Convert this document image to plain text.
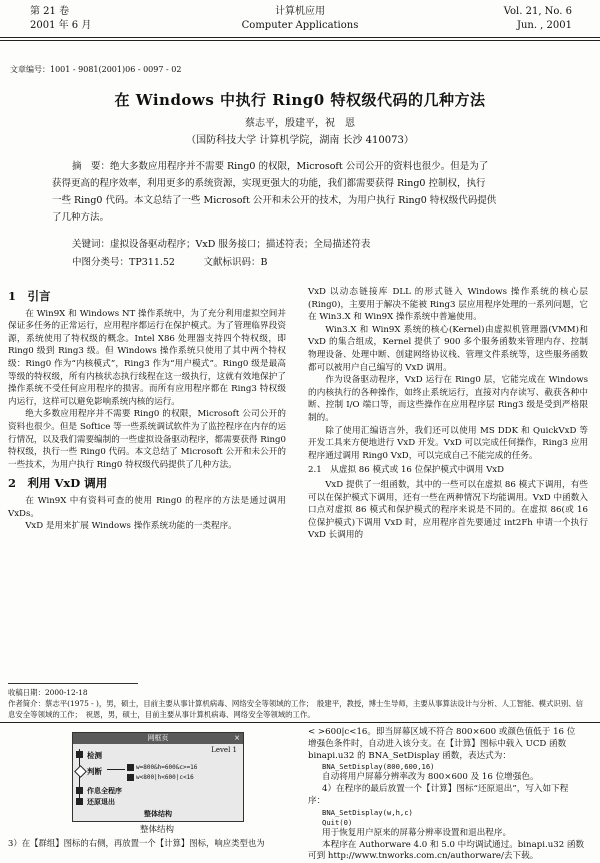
第 21 卷
2001 年 6 月
计算机应用
Computer Applications
Vol. 21, No. 6
Jun. , 2001
文章编号：1001 - 9081(2001)06 - 0097 - 02
在 Windows 中执行 Ring0 特权级代码的几种方法
蔡志平，殷建平，祝　恩
（国防科技大学 计算机学院，湖南 长沙 410073）
摘　要：绝大多数应用程序并不需要 Ring0 的权限，Microsoft 公司公开的资料也很少。但是为了
获得更高的程序效率，利用更多的系统资源，实现更强大的功能，我们都需要获得 Ring0 控制权，执行
一些 Ring0 代码。本文总结了一些 Microsoft 公开和未公开的技术，为用户执行 Ring0 特权级代码提供
了几种方法。
关键词：虚拟设备驱动程序；VxD 服务接口；描述符表；全局描述符表
中图分类号：TP311.52　　　文献标识码：B
1　引言

在 Win9X 和 Windows NT 操作系统中，为了充分利用虚拟空间并保证多任务的正常运行，应用程序都运行在保护模式。为了管理临界段资源，系统使用了特权级的概念。Intel X86 处理器支持四个特权级，即 Ring0 级到 Ring3 级。但 Windows 操作系统只使用了其中两个特权级：Ring0 作为“内核模式”，Ring3 作为“用户模式”。Ring0 级是最高等级的特权级，所有内核状态执行线程在这一级执行，这就有效地保护了操作系统不受任何应用程序的损害。而所有应用程序都在 Ring3 特权级内运行，这样可以避免影响系统内核的运行。

绝大多数应用程序并不需要 Ring0 的权限，Microsoft 公司公开的资料也很少。但是 Softice 等一些系统调试软件为了监控程序在内存的运行情况，以及我们需要编制的一些虚拟设备驱动程序，都需要获得 Ring0 特权级，执行一些 Ring0 代码。本文总结了 Microsoft 公开和未公开的一些技术，为用户执行 Ring0 特权级代码提供了几种方法。

2　利用 VxD 调用

在 Win9X 中有资料可查的使用 Ring0 的程序的方法是通过调用 VxDs。

VxD 是用来扩展 Windows 操作系统功能的一类程序。

VxD 以动态链接库 DLL 的形式链入 Windows 操作系统的核心层(Ring0)，主要用于解决不能被 Ring3 层应用程序处理的一系列问题，它在 Win3.X 和 Win9X 操作系统中普遍使用。

Win3.X 和 Win9X 系统的核心(Kernel)由虚拟机管理器(VMM)和 VxD 的集合组成，Kernel 提供了 900 多个服务函数来管理内存、控制物理设备、处理中断、创建网络协议栈、管理文件系统等，这些服务函数都可以被用户自己编写的 VxD 调用。

作为设备驱动程序，VxD 运行在 Ring0 层，它能完成在 Windows 的内核执行的各种操作，如终止系统运行，直接对内存读写、截获各种中断、控制 I/O 端口等，而这些操作在应用程序层 Ring3 级是受到严格限制的。

除了使用汇编语言外，我们还可以使用 MS DDK 和 QuickVxD 等开发工具来方便地进行 VxD 开发。VxD 可以完成任何操作，Ring3 应用程序通过调用 Ring0 VxD，可以完成自己不能完成的任务。

2.1　从虚拟 86 模式或 16 位保护模式中调用 VxD

VxD 提供了一组函数，其中的一些可以在虚拟 86 模式下调用，有些可以在保护模式下调用，还有一些在两种情况下均能调用。VxD 中函数入口点对虚拟 86 模式和保护模式的程序来说是不同的。在虚拟 86(或 16 位保护模式)下调用 VxD 时，应用程序首先要通过 int2Fh 申请一个执行 VxD 长调用的

收稿日期：2000-12-18
作者简介：蔡志平(1975 - )，男，硕士，目前主要从事计算机病毒、网络安全等领域的工作；　殷建平，教授，博士生导师，主要从事算法设计与分析、人工智能、模式识别、信息安全等领域的工作；　祝恩，男，硕士，目前主要从事计算机病毒、网络安全等领域的工作。
网框页	×
Level 1
检测
判断	w=800&h=600&c>=16
w<800|h<600|c<16
作息全程序
还原退出
整体结构
整体结构
3）在【群组】图标的右侧，再放置一个【计算】图标，响应类型也为
< >600|c<16。即当屏幕区域不符合 800×600 或颜色值低于 16 位
增强色条件时，自动进入该分支。在【计算】图标中载入 UCD 函数
binapi.u32 的 BNA_SetDisplay 函数，表达式为：
BNA_SetDisplay(800,600,16)
自动将用户屏幕分辨率改为 800×600 及 16 位增强色。
4）在程序的最后放置一个【计算】图标“还原退出”，写入如下程
序：
BNA_SetDisplay(w,h,c)
Quit(0)
用于恢复用户原来的屏幕分辨率设置和退出程序。
本程序在 Authorware 4.0 和 5.0 中均调试通过。binapi.u32 函数
可到 http://www.tnworks.com.cn/authorware/去下载。
